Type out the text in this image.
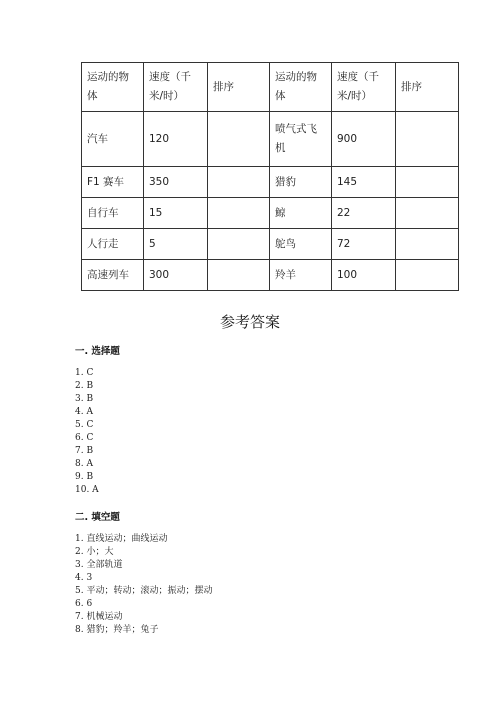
运动的物体	速度（千米/时）	排序	运动的物体	速度（千米/时）	排序
汽车	120		喷气式飞机	900	
F1 赛车	350		猎豹	145	
自行车	15		鲸	22	
人行走	5		鸵鸟	72	
高速列车	300		羚羊	100	
参考答案
一. 选择题
1. C
2. B
3. B
4. A
5. C
6. C
7. B
8. A
9. B
10. A
二. 填空题
1. 直线运动；曲线运动
2. 小；大
3. 全部轨道
4. 3
5. 平动；转动；滚动；振动；摆动
6. 6
7. 机械运动
8. 猎豹；羚羊；兔子
